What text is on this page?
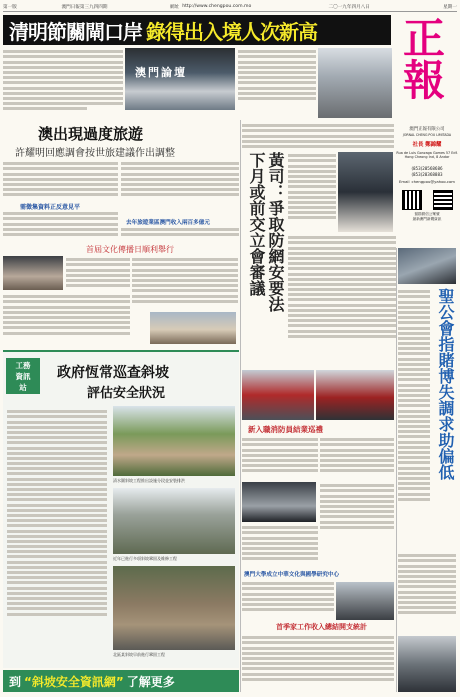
第一版	澳門日報第三九四四期	網址 http://www.chengpou.com.mo	二〇一九年四月八日	星期一
清明節關閘口岸 錄得出入境人次新高 正報
澳門正報有限公司
JORNAL CHENG POU LIMITADA
社長 鄭錦耀
Rua de Luis Gonzaga Gomes 57 Edf. Hong Cheong Ind, 8 Andar
(853)28568686
(853)28368883
Email chengpou@yahoo.com
掃描微信公眾號
最新澳門新聞資訊
澳門論壇
澳出現過度旅遊
許耀明回應調會按世旅建議作出調整
需徵集資料正反意見平
去年旅遊業區澳門收入兩百多億元
首屆文化傳播日順利舉行
黃司：爭取防網安要法
下月或前交立會審議
工務
資訊
站
政府恆常巡查斜坡
評估安全狀況
清水圍斜坡工程推出設施分段並安裝排洪
近年已進行多項斜坡鞏固及維修工程
北區某斜坡早前進行鞏固工程
到 “斜坡安全資訊網” 了解更多
新入職消防員結業巡禮
澳門大學成立中華文化與國學研究中心
首季家工作收入總結開支統計
聖公會指賭博失調求助偏低
